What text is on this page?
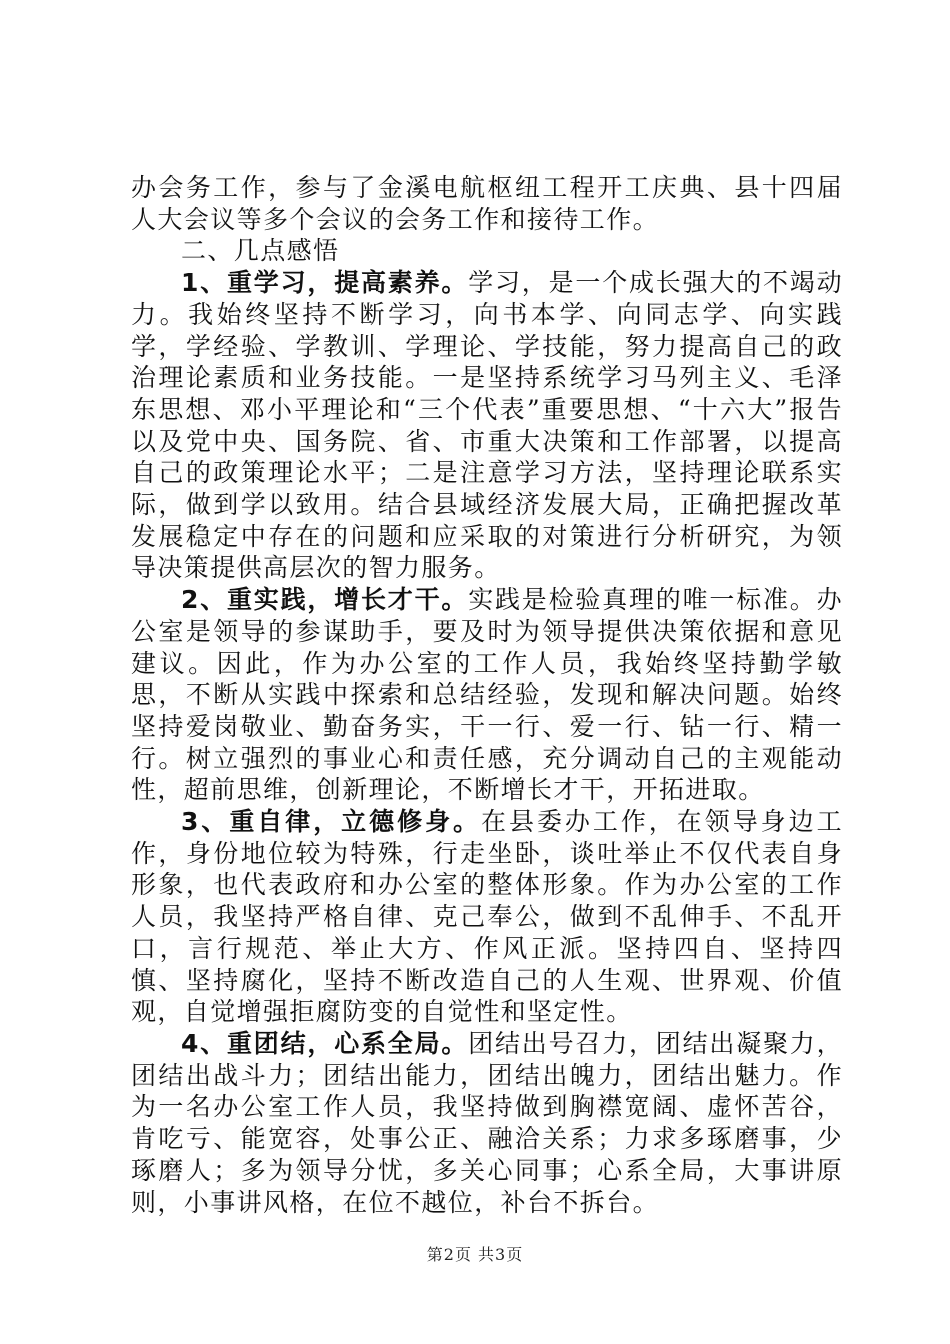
办会务工作，参与了金溪电航枢纽工程开工庆典、县十四届人大会议等多个会议的会务工作和接待工作。

二、几点感悟

1、重学习，提高素养。学习，是一个成长强大的不竭动力。我始终坚持不断学习，向书本学、向同志学、向实践学，学经验、学教训、学理论、学技能，努力提高自己的政治理论素质和业务技能。一是坚持系统学习马列主义、毛泽东思想、邓小平理论和“三个代表”重要思想、“十六大”报告以及党中央、国务院、省、市重大决策和工作部署，以提高自己的政策理论水平；二是注意学习方法，坚持理论联系实际，做到学以致用。结合县域经济发展大局，正确把握改革发展稳定中存在的问题和应采取的对策进行分析研究，为领导决策提供高层次的智力服务。

2、重实践，增长才干。实践是检验真理的唯一标准。办公室是领导的参谋助手，要及时为领导提供决策依据和意见建议。因此，作为办公室的工作人员，我始终坚持勤学敏思，不断从实践中探索和总结经验，发现和解决问题。始终坚持爱岗敬业、勤奋务实，干一行、爱一行、钻一行、精一行。树立强烈的事业心和责任感，充分调动自己的主观能动性，超前思维，创新理论，不断增长才干，开拓进取。

3、重自律，立德修身。在县委办工作，在领导身边工作，身份地位较为特殊，行走坐卧，谈吐举止不仅代表自身形象，也代表政府和办公室的整体形象。作为办公室的工作人员，我坚持严格自律、克己奉公，做到不乱伸手、不乱开口，言行规范、举止大方、作风正派。坚持四自、坚持四慎、坚持腐化，坚持不断改造自己的人生观、世界观、价值观，自觉增强拒腐防变的自觉性和坚定性。

4、重团结，心系全局。团结出号召力，团结出凝聚力，团结出战斗力；团结出能力，团结出魄力，团结出魅力。作为一名办公室工作人员，我坚持做到胸襟宽阔、虚怀苦谷，肯吃亏、能宽容，处事公正、融洽关系；力求多琢磨事，少琢磨人；多为领导分忧，多关心同事；心系全局，大事讲原则，小事讲风格，在位不越位，补台不拆台。

第2页 共3页
